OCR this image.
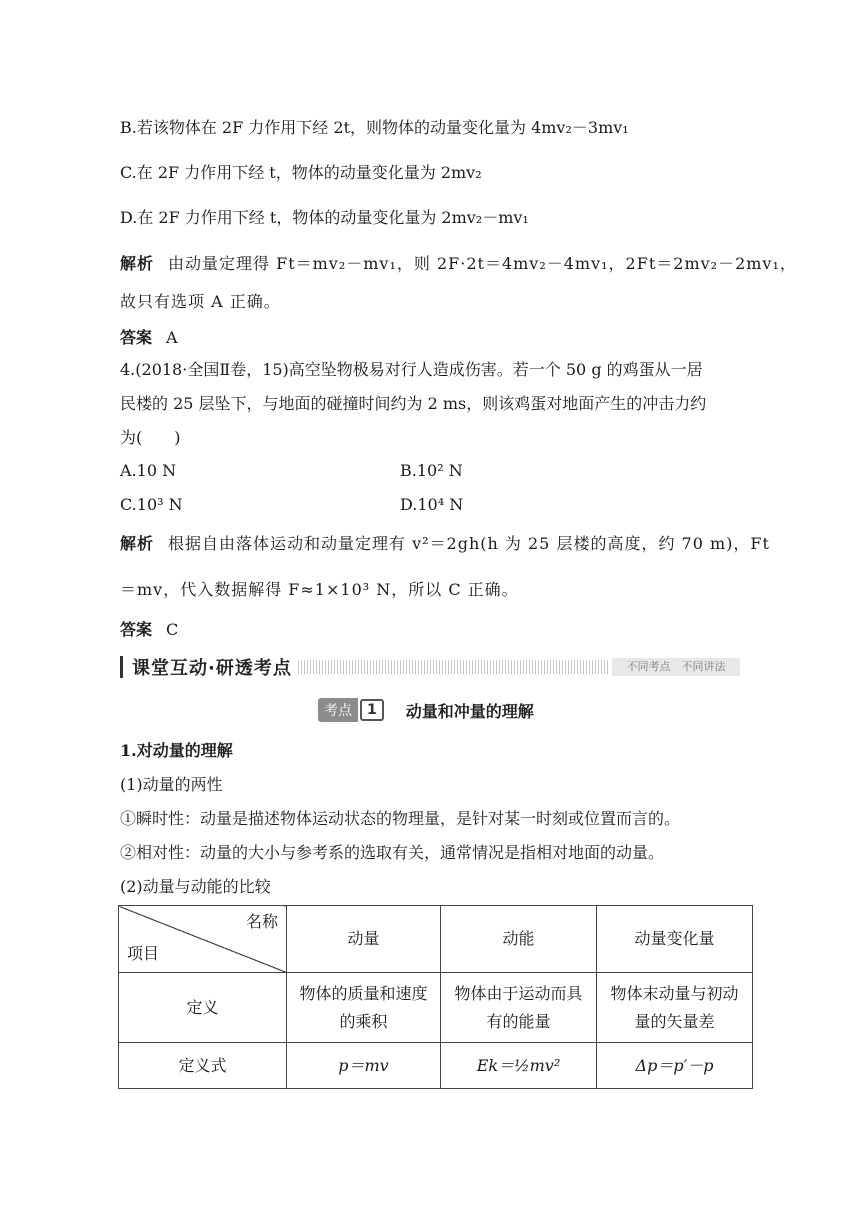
B.若该物体在 2F 力作用下经 2t，则物体的动量变化量为 4mv₂－3mv₁
C.在 2F 力作用下经 t，物体的动量变化量为 2mv₂
D.在 2F 力作用下经 t，物体的动量变化量为 2mv₂－mv₁
解析 由动量定理得 Ft＝mv₂－mv₁，则 2F·2t＝4mv₂－4mv₁，2Ft＝2mv₂－2mv₁，
故只有选项 A 正确。
答案 A
4.(2018·全国Ⅱ卷，15)高空坠物极易对行人造成伤害。若一个 50 g 的鸡蛋从一居
民楼的 25 层坠下，与地面的碰撞时间约为 2 ms，则该鸡蛋对地面产生的冲击力约
为(　　)
A.10 N	B.10² N
C.10³ N	D.10⁴ N
解析 根据自由落体运动和动量定理有 v²＝2gh(h 为 25 层楼的高度，约 70 m)，Ft
＝mv，代入数据解得 F≈1×10³ N，所以 C 正确。
答案 C
课堂互动·研透考点	不同考点　不同讲法
考点	1	动量和冲量的理解
1.对动量的理解
(1)动量的两性
①瞬时性：动量是描述物体运动状态的物理量，是针对某一时刻或位置而言的。
②相对性：动量的大小与参考系的选取有关，通常情况是指相对地面的动量。
(2)动量与动能的比较
名称
项目	动量	动能	动量变化量
定义	物体的质量和速度的乘积	物体由于运动而具有的能量	物体末动量与初动量的矢量差
定义式	p＝mv	Ek＝½mv²	Δp＝p′－p
